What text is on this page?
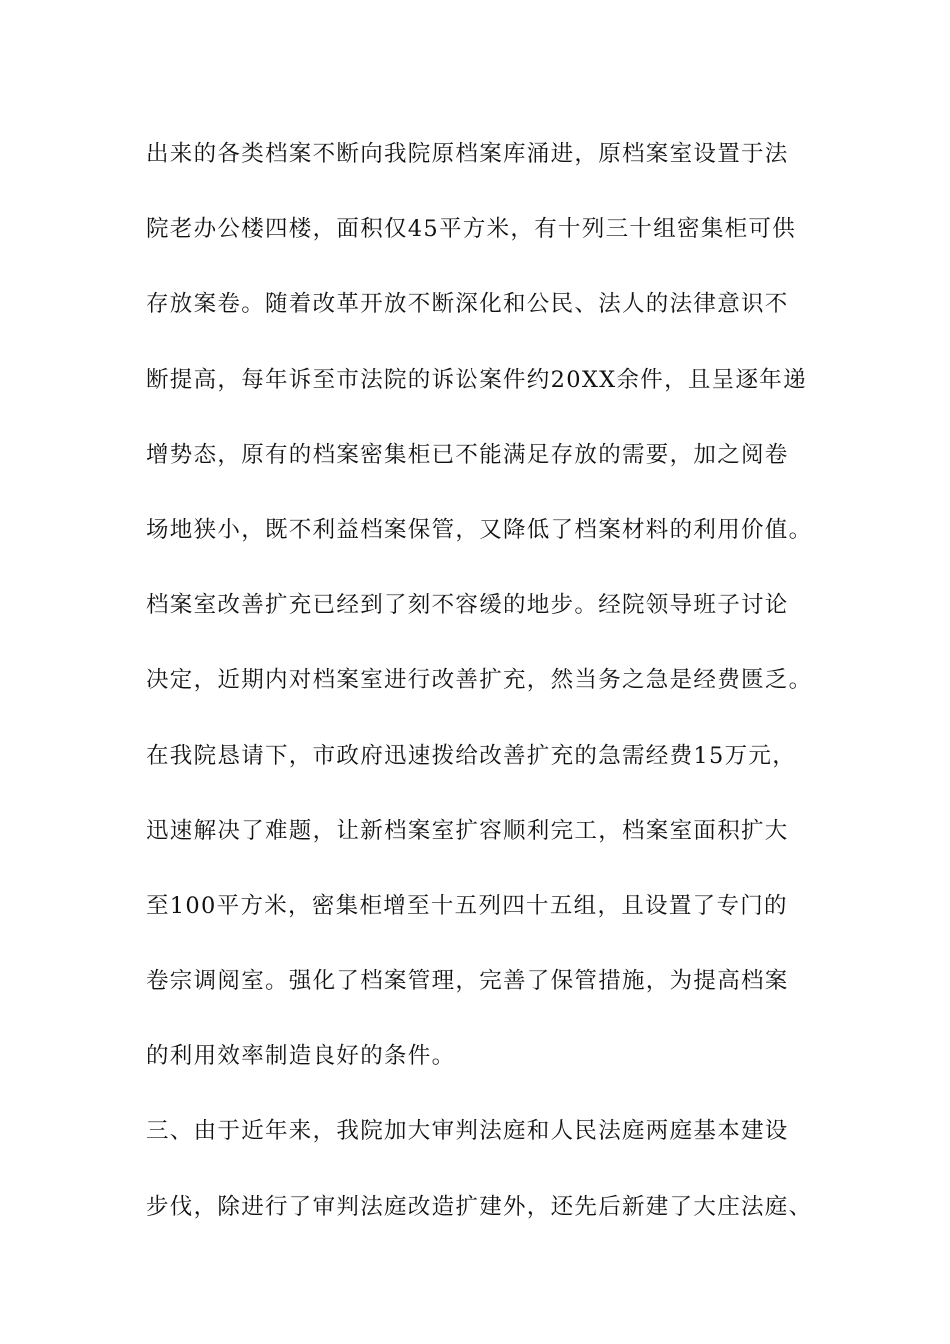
出来的各类档案不断向我院原档案库涌进，原档案室设置于法
院老办公楼四楼，面积仅45平方米，有十列三十组密集柜可供
存放案卷。随着改革开放不断深化和公民、法人的法律意识不
断提高，每年诉至市法院的诉讼案件约20XX余件，且呈逐年递
增势态，原有的档案密集柜已不能满足存放的需要，加之阅卷
场地狭小，既不利益档案保管，又降低了档案材料的利用价值。
档案室改善扩充已经到了刻不容缓的地步。经院领导班子讨论
决定，近期内对档案室进行改善扩充，然当务之急是经费匮乏。
在我院恳请下，市政府迅速拨给改善扩充的急需经费15万元，
迅速解决了难题，让新档案室扩容顺利完工，档案室面积扩大
至100平方米，密集柜增至十五列四十五组，且设置了专门的
卷宗调阅室。强化了档案管理，完善了保管措施，为提高档案
的利用效率制造良好的条件。
三、由于近年来，我院加大审判法庭和人民法庭两庭基本建设
步伐，除进行了审判法庭改造扩建外，还先后新建了大庄法庭、
